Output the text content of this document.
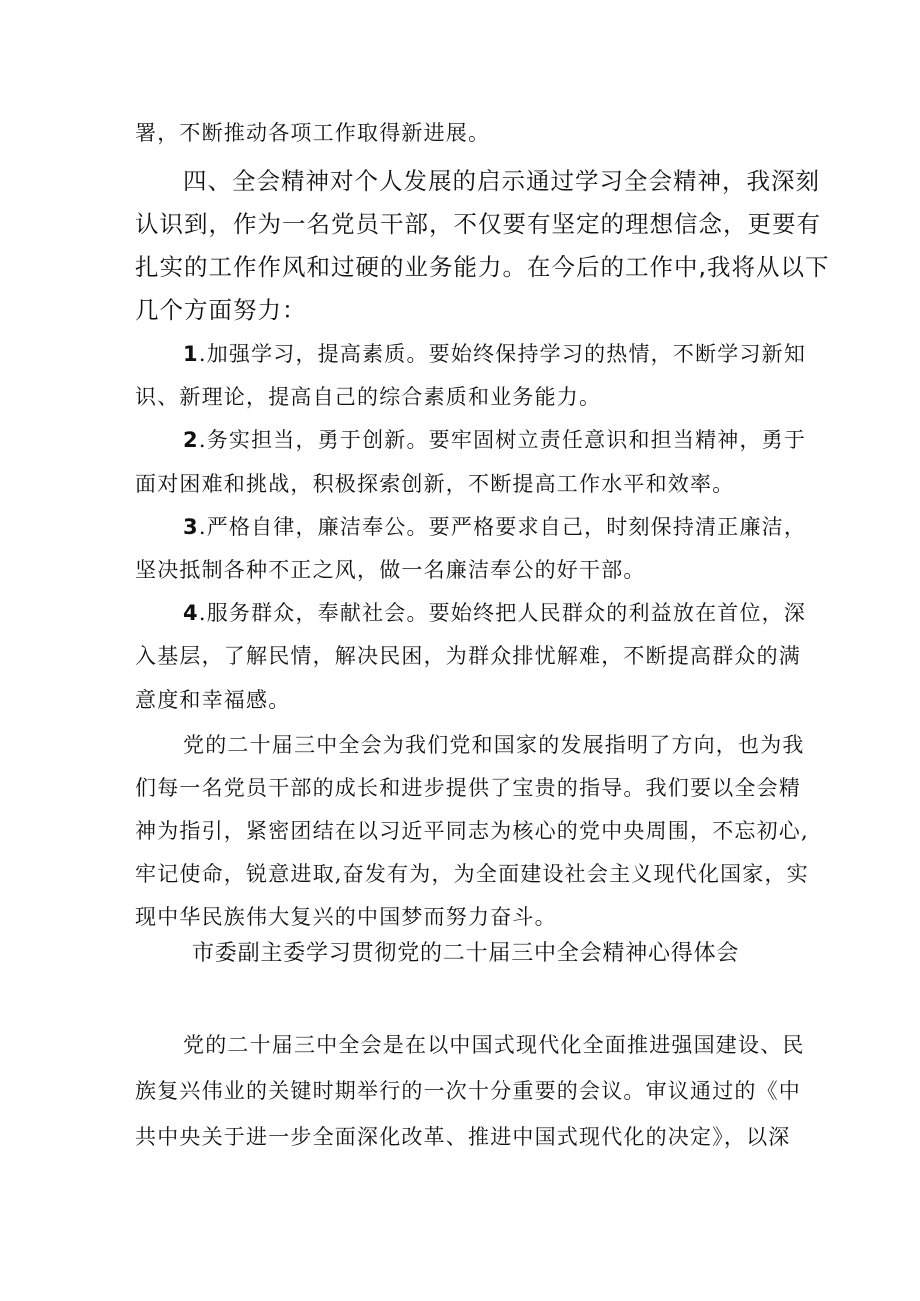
署，不断推动各项工作取得新进展。
四、全会精神对个人发展的启示通过学习全会精神，我深刻
认识到，作为一名党员干部，不仅要有坚定的理想信念，更要有
扎实的工作作风和过硬的业务能力。在今后的工作中,我将从以下
几个方面努力：
1.加强学习，提高素质。要始终保持学习的热情，不断学习新知
识、新理论，提高自己的综合素质和业务能力。
2.务实担当，勇于创新。要牢固树立责任意识和担当精神，勇于
面对困难和挑战，积极探索创新，不断提高工作水平和效率。
3.严格自律，廉洁奉公。要严格要求自己，时刻保持清正廉洁，
坚决抵制各种不正之风，做一名廉洁奉公的好干部。
4.服务群众，奉献社会。要始终把人民群众的利益放在首位，深
入基层，了解民情，解决民困，为群众排忧解难，不断提高群众的满
意度和幸福感。
党的二十届三中全会为我们党和国家的发展指明了方向，也为我
们每一名党员干部的成长和进步提供了宝贵的指导。我们要以全会精
神为指引，紧密团结在以习近平同志为核心的党中央周围，不忘初心,
牢记使命，锐意进取,奋发有为，为全面建设社会主义现代化国家，实
现中华民族伟大复兴的中国梦而努力奋斗。
市委副主委学习贯彻党的二十届三中全会精神心得体会
党的二十届三中全会是在以中国式现代化全面推进强国建设、民
族复兴伟业的关键时期举行的一次十分重要的会议。审议通过的《中
共中央关于进一步全面深化改革、推进中国式现代化的决定》，以深
